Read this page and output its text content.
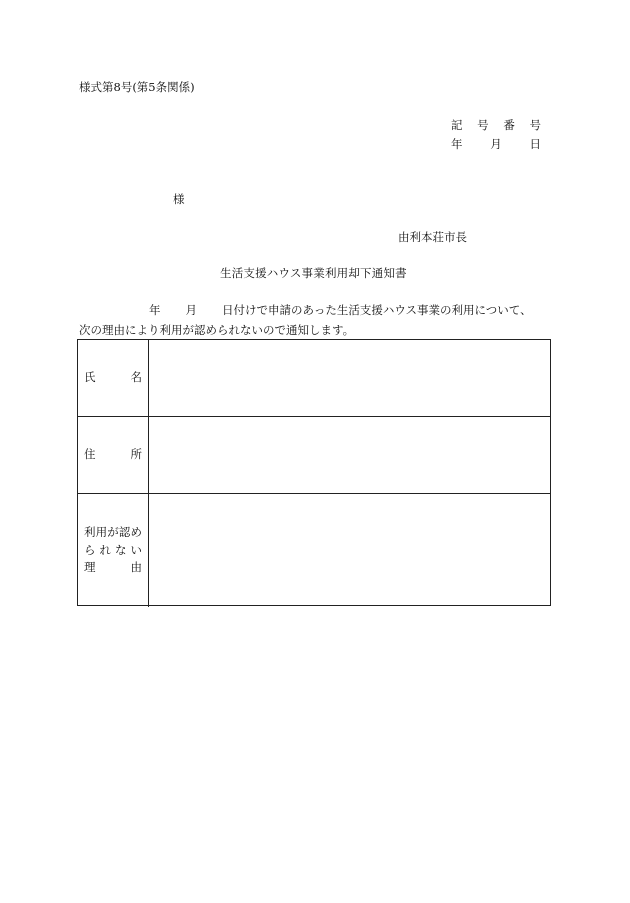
様式第8号(第5条関係)
記 号 番 号
年 月 日
様
由利本荘市長
生活支援ハウス事業利用却下通知書
年 月 日付けで申請のあった生活支援ハウス事業の利用について、
次の理由により利用が認められないので通知します。
氏	名
住	所
利 用 が 認 め
ら れ な い
理	由
